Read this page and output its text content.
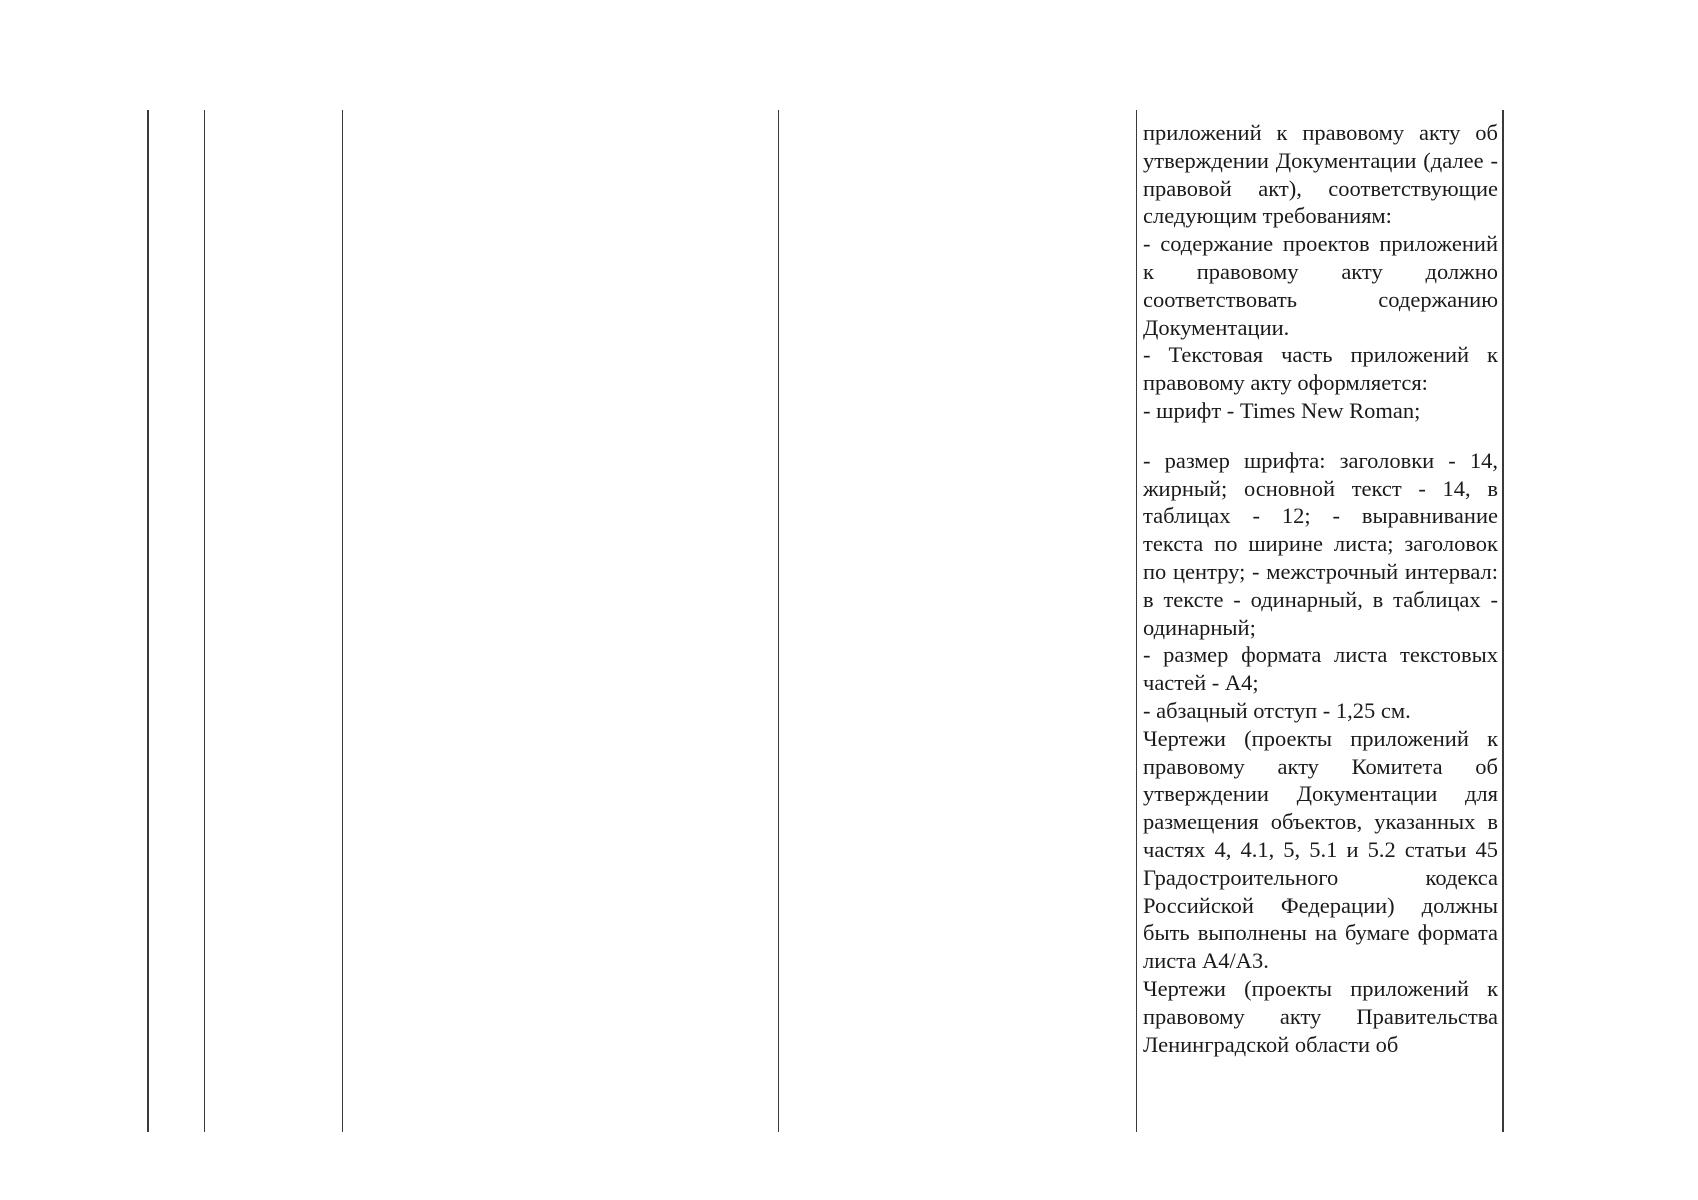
приложений к правовому акту об утверждении Документации (далее - правовой акт), соответствующие следующим требованиям:

- содержание проектов приложений к правовому акту должно соответствовать содержанию Документации.

- Текстовая часть приложений к правовому акту оформляется:

- шрифт - Times New Roman;

- размер шрифта: заголовки - 14, жирный; основной текст - 14, в таблицах - 12; - выравнивание текста по ширине листа; заголовок по центру; - межстрочный интервал: в тексте - одинарный, в таблицах - одинарный;

- размер формата листа текстовых частей - А4;

- абзацный отступ - 1,25 см.

Чертежи (проекты приложений к правовому акту Комитета об утверждении Документации для размещения объектов, указанных в частях 4, 4.1, 5, 5.1 и 5.2 статьи 45 Градостроительного кодекса Российской Федерации) должны быть выполнены на бумаге формата листа А4/А3.

Чертежи (проекты приложений к правовому акту Правительства Ленинградской области об
